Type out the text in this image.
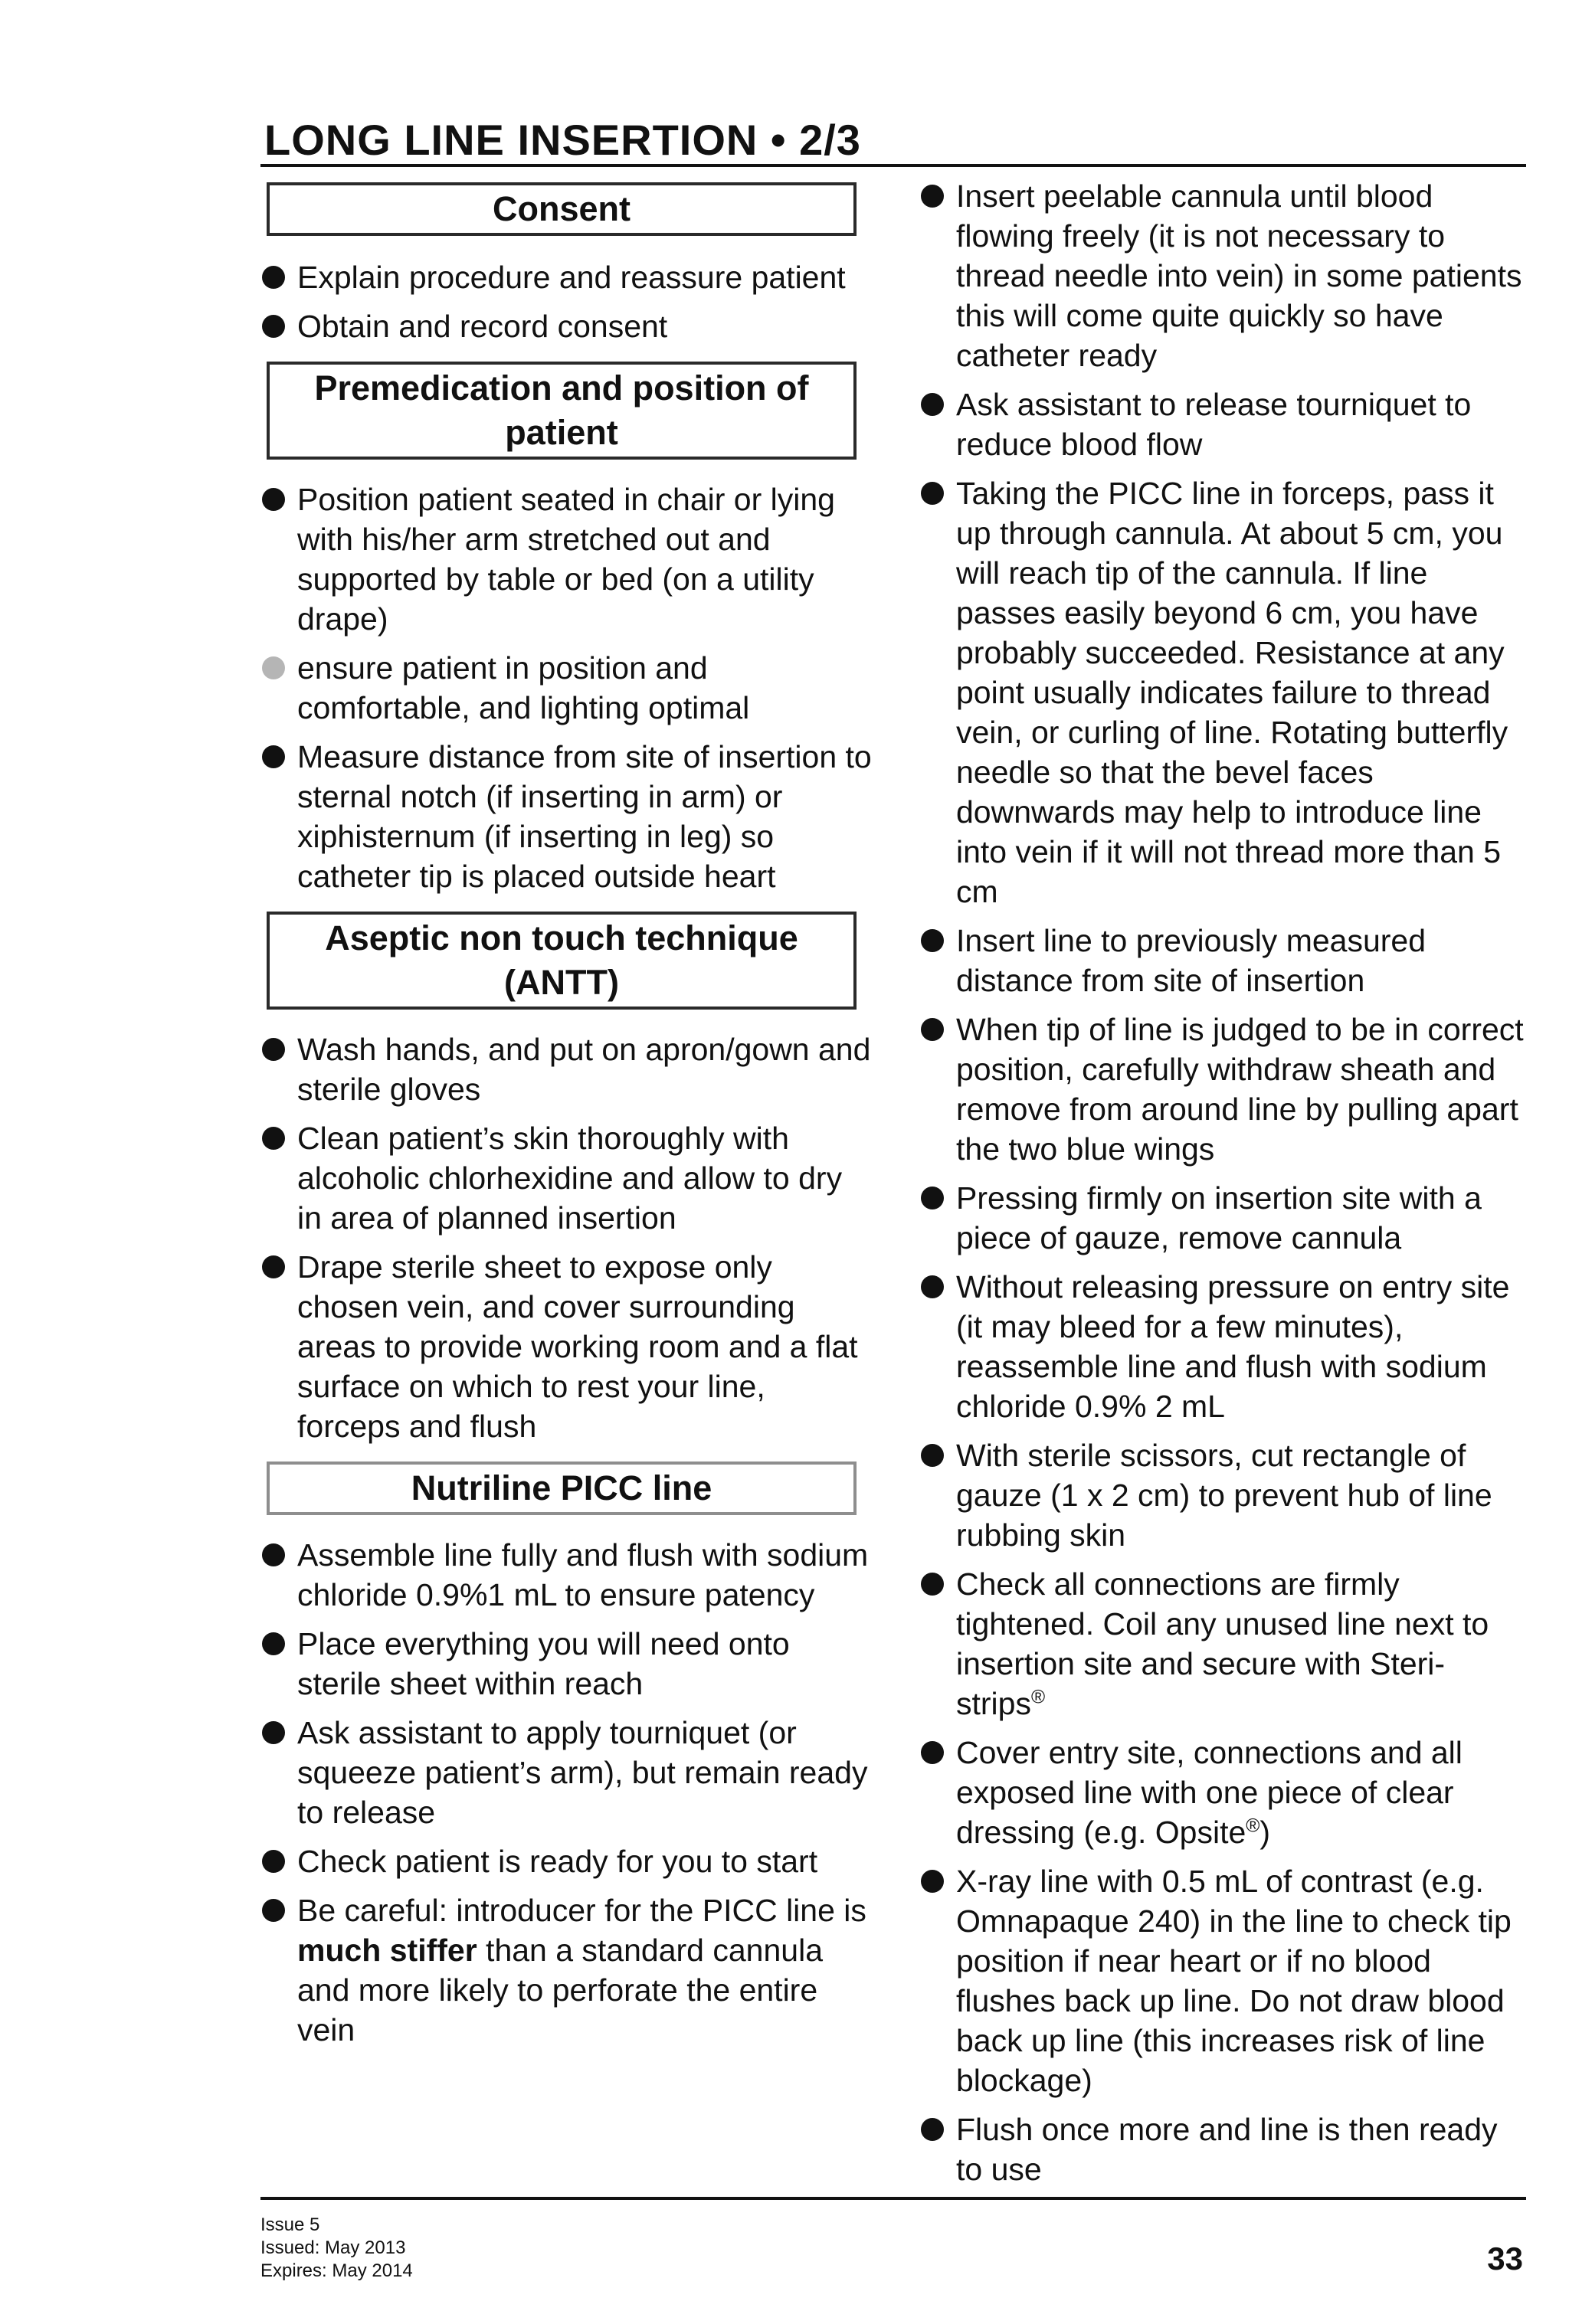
LONG LINE INSERTION • 2/3
Consent
Explain procedure and reassure patient
Obtain and record consent
Premedication and position of patient
Position patient seated in chair or lying with his/her arm stretched out and supported by table or bed (on a utility drape)
ensure patient in position and comfortable, and lighting optimal
Measure distance from site of insertion to sternal notch (if inserting in arm) or xiphisternum (if inserting in leg) so catheter tip is placed outside heart
Aseptic non touch technique (ANTT)
Wash hands, and put on apron/gown and sterile gloves
Clean patient’s skin thoroughly with alcoholic chlorhexidine and allow to dry in area of planned insertion
Drape sterile sheet to expose only chosen vein, and cover surrounding areas to provide working room and a flat surface on which to rest your line, forceps and flush
Nutriline PICC line
Assemble line fully and flush with sodium chloride 0.9%1 mL to ensure patency
Place everything you will need onto sterile sheet within reach
Ask assistant to apply tourniquet (or squeeze patient’s arm), but remain ready to release
Check patient is ready for you to start
Be careful: introducer for the PICC line is much stiffer than a standard cannula and more likely to perforate the entire vein
Insert peelable cannula until blood flowing freely (it is not necessary to thread needle into vein) in some patients this will come quite quickly so have catheter ready
Ask assistant to release tourniquet to reduce blood flow
Taking the PICC line in forceps, pass it up through cannula. At about 5 cm, you will reach tip of the cannula. If line passes easily beyond 6 cm, you have probably succeeded. Resistance at any point usually indicates failure to thread vein, or curling of line. Rotating butterfly needle so that the bevel faces downwards may help to introduce line into vein if it will not thread more than 5 cm
Insert line to previously measured distance from site of insertion
When tip of line is judged to be in correct position, carefully withdraw sheath and remove from around line by pulling apart the two blue wings
Pressing firmly on insertion site with a piece of gauze, remove cannula
Without releasing pressure on entry site (it may bleed for a few minutes), reassemble line and flush with sodium chloride 0.9% 2 mL
With sterile scissors, cut rectangle of gauze (1 x 2 cm) to prevent hub of line rubbing skin
Check all connections are firmly tightened. Coil any unused line next to insertion site and secure with Steri-strips®
Cover entry site, connections and all exposed line with one piece of clear dressing (e.g. Opsite®)
X-ray line with 0.5 mL of contrast (e.g. Omnapaque 240) in the line to check tip position if near heart or if no blood flushes back up line. Do not draw blood back up line (this increases risk of line blockage)
Flush once more and line is then ready to use
Issue 5
Issued: May 2013
Expires: May 2014	33
